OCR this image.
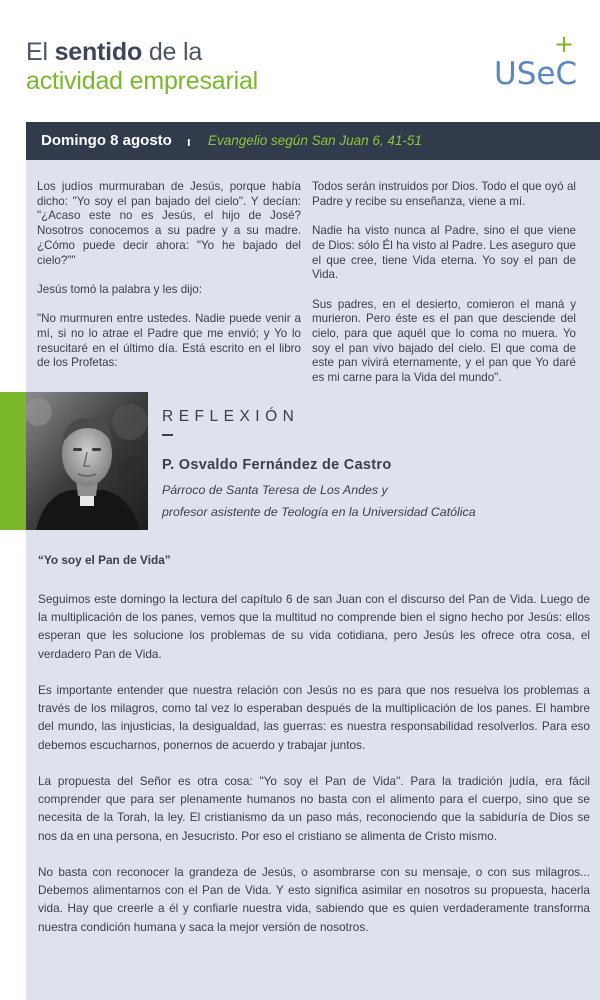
El sentido de la
actividad empresarial	USeC
+
Domingo 8 agosto ı Evangelio según San Juan 6, 41-51

Los judíos murmuraban de Jesús, porque había dicho: "Yo soy el pan bajado del cielo". Y decían: "¿Acaso este no es Jesús, el hijo de José? Nosotros conocemos a su padre y a su madre. ¿Cómo puede decir ahora: "Yo he bajado del cielo?""

Jesús tomó la palabra y les dijo:

"No murmuren entre ustedes. Nadie puede venir a mí, si no lo atrae el Padre que me envió; y Yo lo resucitaré en el último día. Está escrito en el libro de los Profetas:

Todos serán instruidos por Dios. Todo el que oyó al Padre y recibe su enseñanza, viene a mí.

Nadie ha visto nunca al Padre, sino el que viene de Dios: sólo Él ha visto al Padre. Les aseguro que el que cree, tiene Vida eterna. Yo soy el pan de Vida.

Sus padres, en el desierto, comieron el maná y murieron. Pero éste es el pan que desciende del cielo, para que aquél que lo coma no muera. Yo soy el pan vivo bajado del cielo. El que coma de este pan vivirá eternamente, y el pan que Yo daré es mi carne para la Vida del mundo".

REFLEXIÓN
P. Osvaldo Fernández de Castro
Párroco de Santa Teresa de Los Andes y
profesor asistente de Teología en la Universidad Católica
“Yo soy el Pan de Vida”

Seguimos este domingo la lectura del capítulo 6 de san Juan con el discurso del Pan de Vida. Luego de la multiplicación de los panes, vemos que la multitud no comprende bien el signo hecho por Jesús: ellos esperan que les solucione los problemas de su vida cotidiana, pero Jesús les ofrece otra cosa, el verdadero Pan de Vida.

Es importante entender que nuestra relación con Jesús no es para que nos resuelva los problemas a través de los milagros, como tal vez lo esperaban después de la multiplicación de los panes. El hambre del mundo, las injusticias, la desigualdad, las guerras: es nuestra responsabilidad resolverlos. Para eso debemos escucharnos, ponernos de acuerdo y trabajar juntos.

La propuesta del Señor es otra cosa: "Yo soy el Pan de Vida". Para la tradición judía, era fácil comprender que para ser plenamente humanos no basta con el alimento para el cuerpo, sino que se necesita de la Torah, la ley. El cristianismo da un paso más, reconociendo que la sabiduría de Dios se nos da en una persona, en Jesucristo. Por eso el cristiano se alimenta de Cristo mismo.

No basta con reconocer la grandeza de Jesús, o asombrarse con su mensaje, o con sus milagros... Debemos alimentarnos con el Pan de Vida. Y esto significa asimilar en nosotros su propuesta, hacerla vida. Hay que creerle a él y confiarle nuestra vida, sabiendo que es quien verdaderamente transforma nuestra condición humana y saca la mejor versión de nosotros.
